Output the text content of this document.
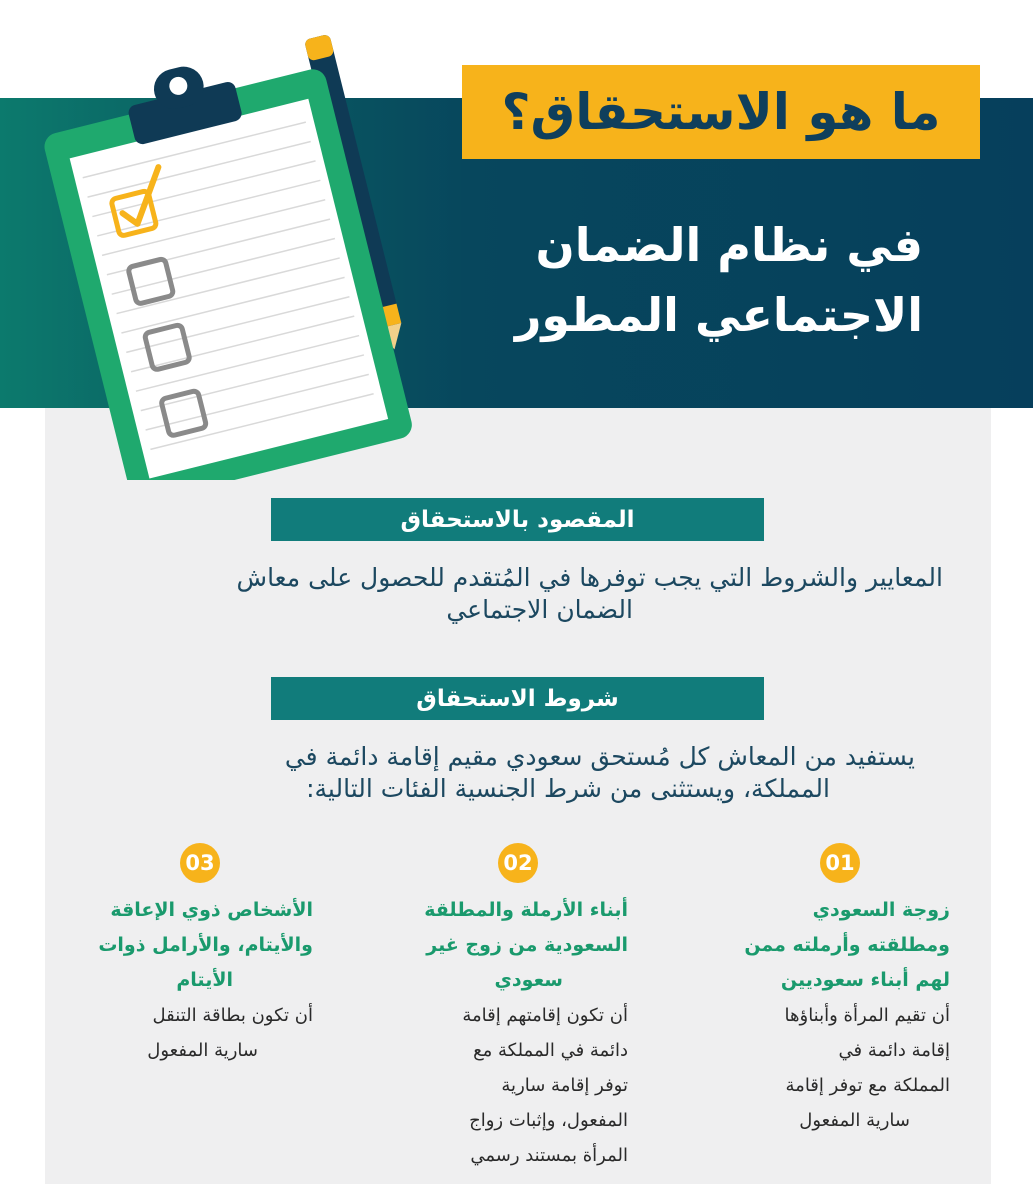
ما هو الاستحقاق؟
في نظام الضمان
الاجتماعي المطور
المقصود بالاستحقاق
المعايير والشروط التي يجب توفرها في المُتقدم للحصول على معاش
الضمان الاجتماعي
شروط الاستحقاق
يستفيد من المعاش كل مُستحق سعودي مقيم إقامة دائمة في
المملكة، ويستثنى من شرط الجنسية الفئات التالية:
01
02
03
زوجة السعودي
ومطلقته وأرملته ممن
لهم أبناء سعوديين
أن تقيم المرأة وأبناؤها
إقامة دائمة في
المملكة مع توفر إقامة
سارية المفعول
أبناء الأرملة والمطلقة
السعودية من زوج غير
سعودي
أن تكون إقامتهم إقامة
دائمة في المملكة مع
توفر إقامة سارية
المفعول، وإثبات زواج
المرأة بمستند رسمي
الأشخاص ذوي الإعاقة
والأيتام، والأرامل ذوات
الأيتام
أن تكون بطاقة التنقل
سارية المفعول
